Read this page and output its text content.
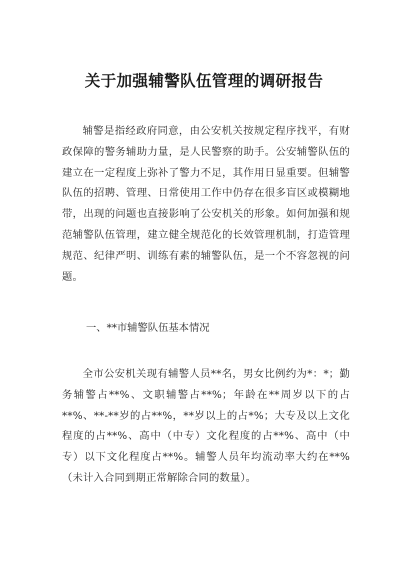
关于加强辅警队伍管理的调研报告

辅警是指经政府同意，由公安机关按规定程序找平，有财政保障的警务辅助力量，是人民警察的助手。公安辅警队伍的建立在一定程度上弥补了警力不足，其作用日显重要。但辅警队伍的招聘、管理、日常使用工作中仍存在很多盲区或模糊地带，出现的问题也直接影响了公安机关的形象。如何加强和规范辅警队伍管理，建立健全规范化的长效管理机制，打造管理规范、纪律严明、训练有素的辅警队伍，是一个不容忽视的问题。

一、**市辅警队伍基本情况

全市公安机关现有辅警人员**名，男女比例约为*：*；勤务辅警占**%、文职辅警占**%；年龄在**周岁以下的占**%、**-**岁的占**%，**岁以上的占*%；大专及以上文化程度的占**%、高中（中专）文化程度的占**%、高中（中专）以下文化程度占**%。辅警人员年均流动率大约在**%（未计入合同到期正常解除合同的数量）。
